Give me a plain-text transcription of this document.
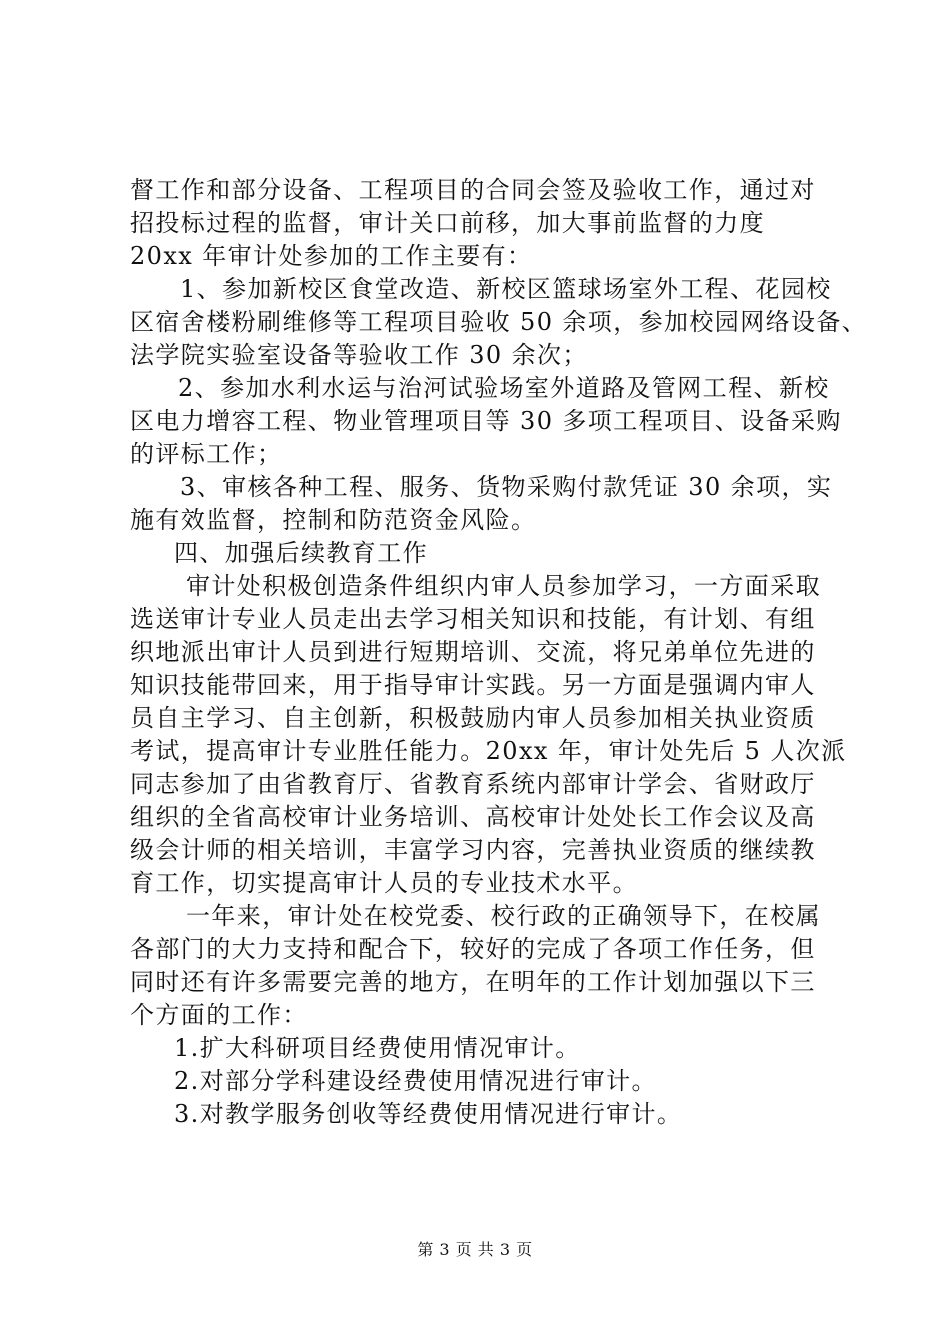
督工作和部分设备、工程项目的合同会签及验收工作，通过对
招投标过程的监督，审计关口前移，加大事前监督的力度
20xx 年审计处参加的工作主要有：
1、参加新校区食堂改造、新校区篮球场室外工程、花园校
区宿舍楼粉刷维修等工程项目验收 50 余项，参加校园网络设备、
法学院实验室设备等验收工作 30 余次；
2、参加水利水运与治河试验场室外道路及管网工程、新校
区电力增容工程、物业管理项目等 30 多项工程项目、设备采购
的评标工作；
3、审核各种工程、服务、货物采购付款凭证 30 余项，实
施有效监督，控制和防范资金风险。
四、加强后续教育工作
审计处积极创造条件组织内审人员参加学习，一方面采取
选送审计专业人员走出去学习相关知识和技能，有计划、有组
织地派出审计人员到进行短期培训、交流，将兄弟单位先进的
知识技能带回来，用于指导审计实践。另一方面是强调内审人
员自主学习、自主创新，积极鼓励内审人员参加相关执业资质
考试，提高审计专业胜任能力。20xx 年，审计处先后 5 人次派
同志参加了由省教育厅、省教育系统内部审计学会、省财政厅
组织的全省高校审计业务培训、高校审计处处长工作会议及高
级会计师的相关培训，丰富学习内容，完善执业资质的继续教
育工作，切实提高审计人员的专业技术水平。
一年来，审计处在校党委、校行政的正确领导下，在校属
各部门的大力支持和配合下，较好的完成了各项工作任务，但
同时还有许多需要完善的地方，在明年的工作计划加强以下三
个方面的工作：
1.扩大科研项目经费使用情况审计。
2.对部分学科建设经费使用情况进行审计。
3.对教学服务创收等经费使用情况进行审计。
第 3 页 共 3 页
